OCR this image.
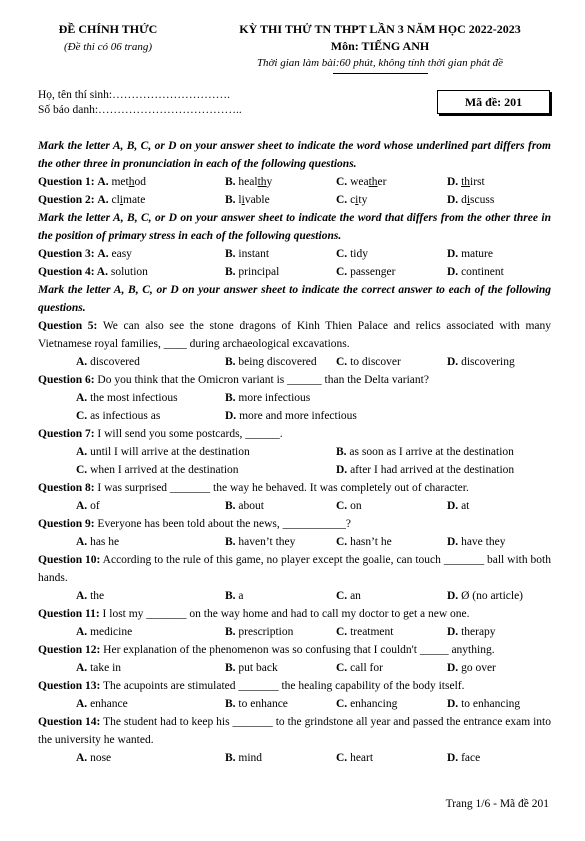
ĐỀ CHÍNH THỨC
(Đề thi có 06 trang)
KỲ THI THỬ TN THPT LẦN 3 NĂM HỌC 2022-2023
Môn: TIẾNG ANH
Thời gian làm bài:60 phút, không tính thời gian phát đề
Họ, tên thí sinh:………………………….
Số báo danh:………………………………..
Mã đề: 201
Mark the letter A, B, C, or D on your answer sheet to indicate the word whose underlined part differs from the other three in pronunciation in each of the following questions.
Question 1: A. method	B. healthy	C. weather	D. thirst
Question 2: A. climate	B. livable	C. city	D. discuss
Mark the letter A, B, C, or D on your answer sheet to indicate the word that differs from the other three in the position of primary stress in each of the following questions.
Question 3: A. easy	B. instant	C. tidy	D. mature
Question 4: A. solution	B. principal	C. passenger	D. continent
Mark the letter A, B, C, or D on your answer sheet to indicate the correct answer to each of the following questions.
Question 5: We can also see the stone dragons of Kinh Thien Palace and relics associated with many Vietnamese royal families, ____ during archaeological excavations.
A. discovered	B. being discovered	C. to discover	D. discovering
Question 6: Do you think that the Omicron variant is ______ than the Delta variant?
A. the most infectious	B. more infectious
C. as infectious as	D. more and more infectious
Question 7: I will send you some postcards, ______.
A. until I will arrive at the destination	B. as soon as I arrive at the destination
C. when I arrived at the destination	D. after I had arrived at the destination
Question 8: I was surprised _______ the way he behaved. It was completely out of character.
A. of	B. about	C. on	D. at
Question 9: Everyone has been told about the news, ___________?
A. has he	B. haven’t they	C. hasn’t he	D. have they
Question 10: According to the rule of this game, no player except the goalie, can touch _______ ball with both hands.
A. the	B. a	C. an	D. Ø (no article)
Question 11: I lost my _______ on the way home and had to call my doctor to get a new one.
A. medicine	B. prescription	C. treatment	D. therapy
Question 12: Her explanation of the phenomenon was so confusing that I couldn't _____ anything.
A. take in	B. put back	C. call for	D. go over
Question 13: The acupoints are stimulated _______ the healing capability of the body itself.
A. enhance	B. to enhance	C. enhancing	D. to enhancing
Question 14: The student had to keep his _______ to the grindstone all year and passed the entrance exam into the university he wanted.
A. nose	B. mind	C. heart	D. face
Trang 1/6 - Mã đề 201
